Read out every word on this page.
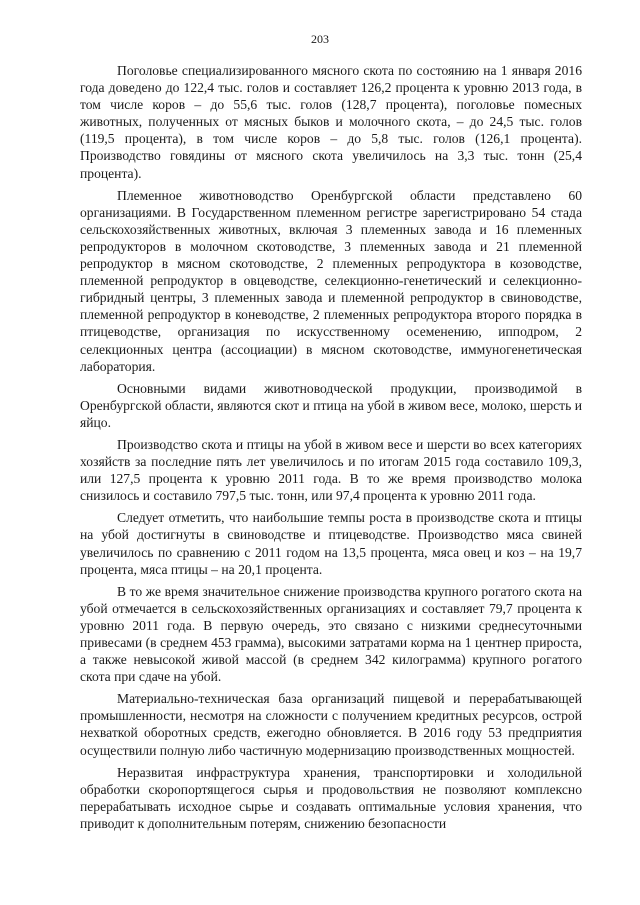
203

Поголовье специализированного мясного скота по состоянию на 1 января 2016 года доведено до 122,4 тыс. голов и составляет 126,2 процента к уровню 2013 года, в том числе коров – до 55,6 тыс. голов (128,7 процента), поголовье помесных животных, полученных от мясных быков и молочного скота, – до 24,5 тыс. голов (119,5 процента), в том числе коров – до 5,8 тыс. голов (126,1 процента). Производство говядины от мясного скота увеличилось на 3,3 тыс. тонн (25,4 процента).

Племенное животноводство Оренбургской области представлено 60 организациями. В Государственном племенном регистре зарегистрировано 54 стада сельскохозяйственных животных, включая 3 племенных завода и 16 племенных репродукторов в молочном скотоводстве, 3 племенных завода и 21 племенной репродуктор в мясном скотоводстве, 2 племенных репродуктора в козоводстве, племенной репродуктор в овцеводстве, селекционно-генетический и селекционно-гибридный центры, 3 племенных завода и племенной репродуктор в свиноводстве, племенной репродуктор в коневодстве, 2 племенных репродуктора второго порядка в птицеводстве, организация по искусственному осеменению, ипподром, 2 селекционных центра (ассоциации) в мясном скотоводстве, иммуногенетическая лаборатория.

Основными видами животноводческой продукции, производимой в Оренбургской области, являются скот и птица на убой в живом весе, молоко, шерсть и яйцо.

Производство скота и птицы на убой в живом весе и шерсти во всех категориях хозяйств за последние пять лет увеличилось и по итогам 2015 года составило 109,3, или 127,5 процента к уровню 2011 года. В то же время производство молока снизилось и составило 797,5 тыс. тонн, или 97,4 процента к уровню 2011 года.

Следует отметить, что наибольшие темпы роста в производстве скота и птицы на убой достигнуты в свиноводстве и птицеводстве. Производство мяса свиней увеличилось по сравнению с 2011 годом на 13,5 процента, мяса овец и коз – на 19,7 процента, мяса птицы – на 20,1 процента.

В то же время значительное снижение производства крупного рогатого скота на убой отмечается в сельскохозяйственных организациях и составляет 79,7 процента к уровню 2011 года. В первую очередь, это связано с низкими среднесуточными привесами (в среднем 453 грамма), высокими затратами корма на 1 центнер прироста, а также невысокой живой массой (в среднем 342 килограмма) крупного рогатого скота при сдаче на убой.

Материально-техническая база организаций пищевой и перерабатывающей промышленности, несмотря на сложности с получением кредитных ресурсов, острой нехваткой оборотных средств, ежегодно обновляется. В 2016 году 53 предприятия осуществили полную либо частичную модернизацию производственных мощностей.

Неразвитая инфраструктура хранения, транспортировки и холодильной обработки скоропортящегося сырья и продовольствия не позволяют комплексно перерабатывать исходное сырье и создавать оптимальные условия хранения, что приводит к дополнительным потерям, снижению безопасности
